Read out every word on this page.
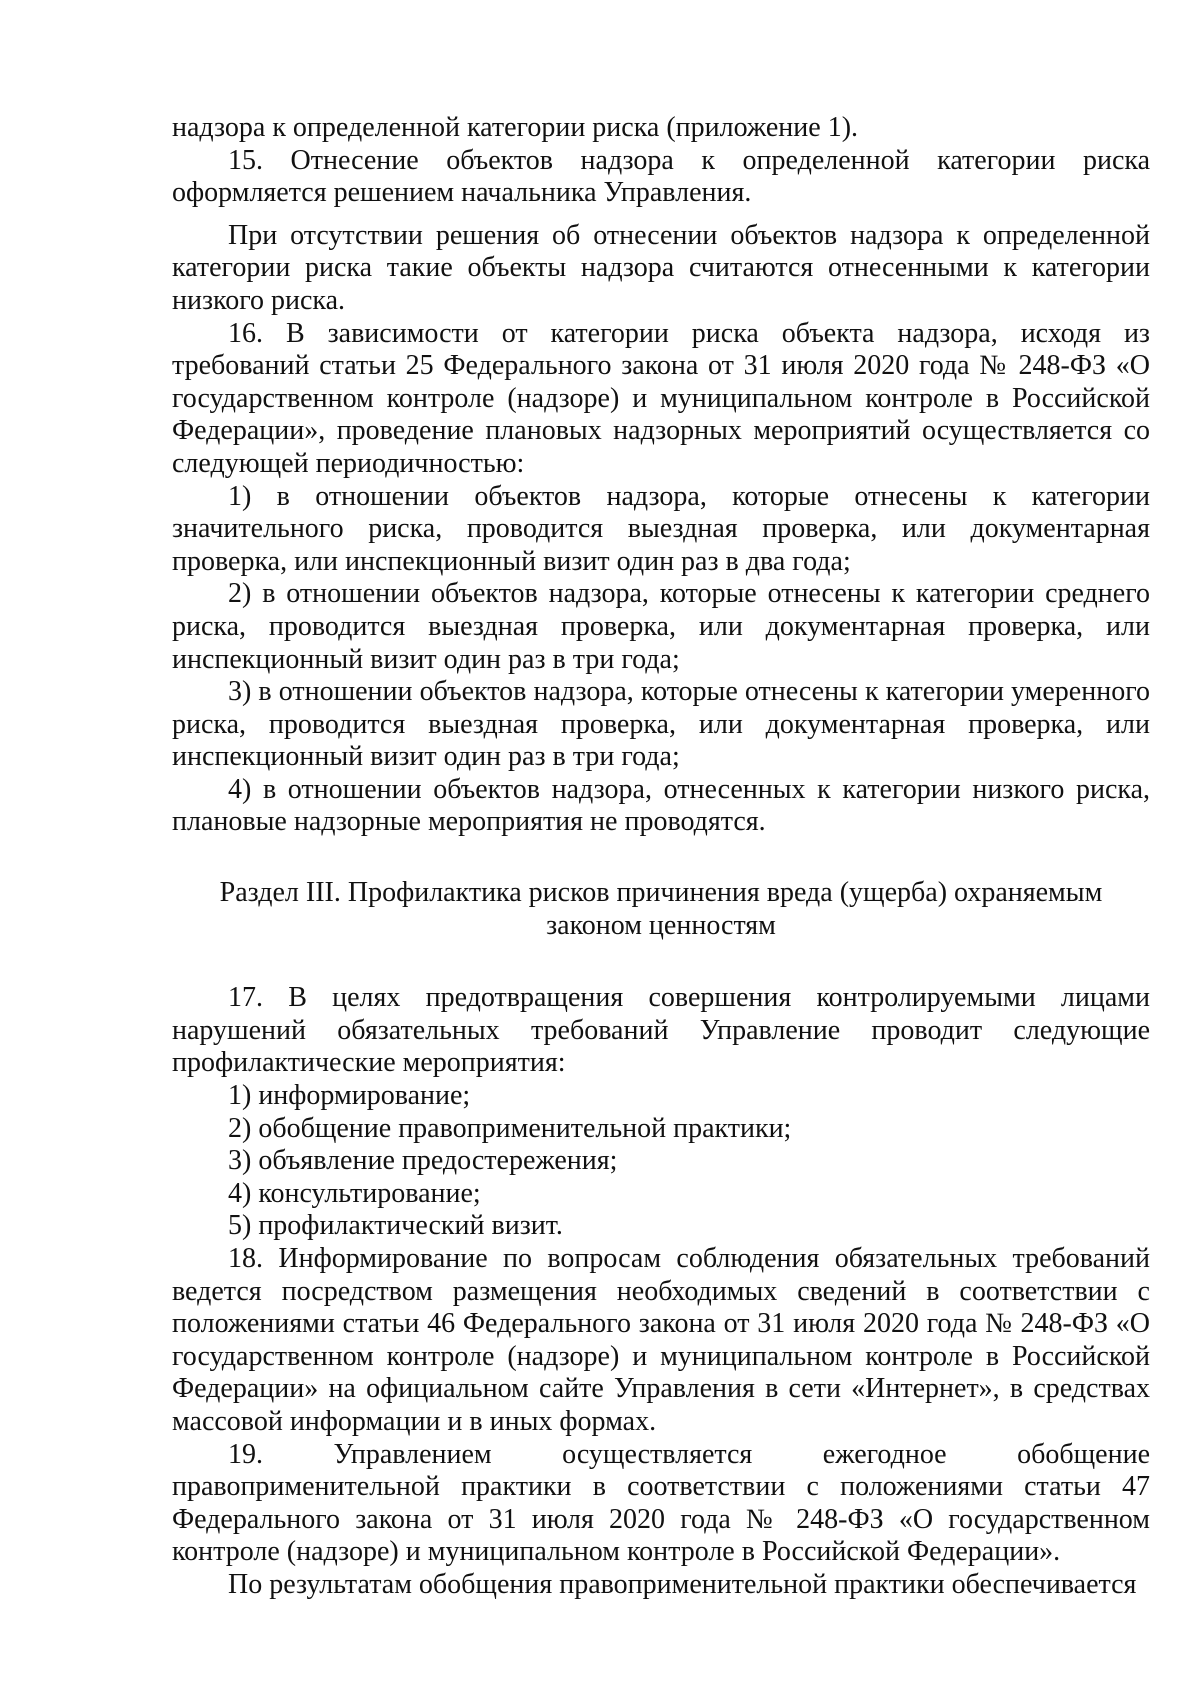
надзора к определенной категории риска (приложение 1).

15. Отнесение объектов надзора к определенной категории риска оформляется решением начальника Управления.

При отсутствии решения об отнесении объектов надзора к определенной категории риска такие объекты надзора считаются отнесенными к категории низкого риска.

16. В зависимости от категории риска объекта надзора, исходя из требований статьи 25 Федерального закона от 31 июля 2020 года № 248-ФЗ «О государственном контроле (надзоре) и муниципальном контроле в Российской Федерации», проведение плановых надзорных мероприятий осуществляется со следующей периодичностью:

1) в отношении объектов надзора, которые отнесены к категории значительного риска, проводится выездная проверка, или документарная проверка, или инспекционный визит один раз в два года;

2) в отношении объектов надзора, которые отнесены к категории среднего риска, проводится выездная проверка, или документарная проверка, или инспекционный визит один раз в три года;

3) в отношении объектов надзора, которые отнесены к категории умеренного риска, проводится выездная проверка, или документарная проверка, или инспекционный визит один раз в три года;

4) в отношении объектов надзора, отнесенных к категории низкого риска, плановые надзорные мероприятия не проводятся.

Раздел III. Профилактика рисков причинения вреда (ущерба) охраняемым законом ценностям

17. В целях предотвращения совершения контролируемыми лицами нарушений обязательных требований Управление проводит следующие профилактические мероприятия:

1) информирование;

2) обобщение правоприменительной практики;

3) объявление предостережения;

4) консультирование;

5) профилактический визит.

18. Информирование по вопросам соблюдения обязательных требований ведется посредством размещения необходимых сведений в соответствии с положениями статьи 46 Федерального закона от 31 июля 2020 года № 248-ФЗ «О государственном контроле (надзоре) и муниципальном контроле в Российской Федерации» на официальном сайте Управления в сети «Интернет», в средствах массовой информации и в иных формах.

19. Управлением осуществляется ежегодное обобщение правоприменительной практики в соответствии с положениями статьи 47 Федерального закона от 31 июля 2020 года № 248-ФЗ «О государственном контроле (надзоре) и муниципальном контроле в Российской Федерации».

По результатам обобщения правоприменительной практики обеспечивается
